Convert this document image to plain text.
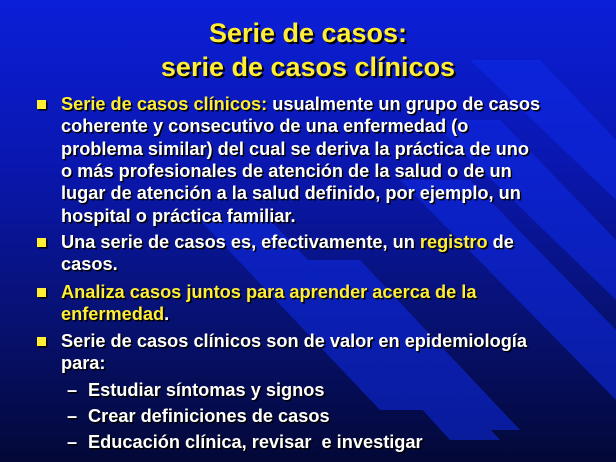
Serie de casos:
serie de casos clínicos
Serie de casos clínicos: usualmente un grupo de casos
coherente y consecutivo de una enfermedad (o
problema similar) del cual se deriva la práctica de uno
o más profesionales de atención de la salud o de un
lugar de atención a la salud definido, por ejemplo, un
hospital o práctica familiar.
Una serie de casos es, efectivamente, un registro de
casos.
Analiza casos juntos para aprender acerca de la
enfermedad.
Serie de casos clínicos son de valor en epidemiología
para:
– Estudiar síntomas y signos
– Crear definiciones de casos
– Educación clínica, revisar  e investigar
